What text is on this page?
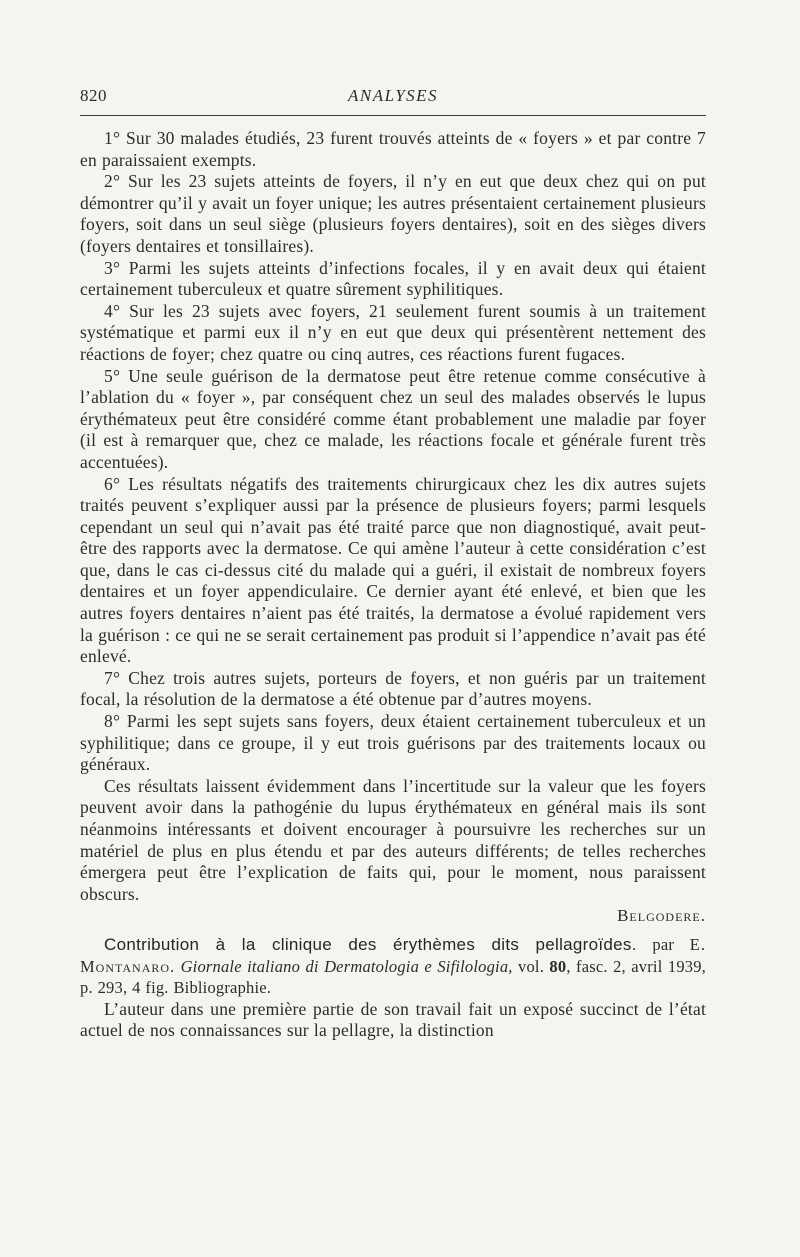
820	ANALYSES

1° Sur 30 malades étudiés, 23 furent trouvés atteints de « foyers » et par contre 7 en paraissaient exempts.

2° Sur les 23 sujets atteints de foyers, il n’y en eut que deux chez qui on put démontrer qu’il y avait un foyer unique; les autres présentaient certainement plusieurs foyers, soit dans un seul siège (plusieurs foyers dentaires), soit en des sièges divers (foyers dentaires et tonsillaires).

3° Parmi les sujets atteints d’infections focales, il y en avait deux qui étaient certainement tuberculeux et quatre sûrement syphilitiques.

4° Sur les 23 sujets avec foyers, 21 seulement furent soumis à un traitement systématique et parmi eux il n’y en eut que deux qui présentèrent nettement des réactions de foyer; chez quatre ou cinq autres, ces réactions furent fugaces.

5° Une seule guérison de la dermatose peut être retenue comme consécutive à l’ablation du « foyer », par conséquent chez un seul des malades observés le lupus érythémateux peut être considéré comme étant probablement une maladie par foyer (il est à remarquer que, chez ce malade, les réactions focale et générale furent très accentuées).

6° Les résultats négatifs des traitements chirurgicaux chez les dix autres sujets traités peuvent s’expliquer aussi par la présence de plusieurs foyers; parmi lesquels cependant un seul qui n’avait pas été traité parce que non diagnostiqué, avait peut-être des rapports avec la dermatose. Ce qui amène l’auteur à cette considération c’est que, dans le cas ci-dessus cité du malade qui a guéri, il existait de nombreux foyers dentaires et un foyer appendiculaire. Ce dernier ayant été enlevé, et bien que les autres foyers dentaires n’aient pas été traités, la dermatose a évolué rapidement vers la guérison : ce qui ne se serait certainement pas produit si l’appendice n’avait pas été enlevé.

7° Chez trois autres sujets, porteurs de foyers, et non guéris par un traitement focal, la résolution de la dermatose a été obtenue par d’autres moyens.

8° Parmi les sept sujets sans foyers, deux étaient certainement tuberculeux et un syphilitique; dans ce groupe, il y eut trois guérisons par des traitements locaux ou généraux.

Ces résultats laissent évidemment dans l’incertitude sur la valeur que les foyers peuvent avoir dans la pathogénie du lupus érythémateux en général mais ils sont néanmoins intéressants et doivent encourager à poursuivre les recherches sur un matériel de plus en plus étendu et par des auteurs différents; de telles recherches émergera peut être l’explication de faits qui, pour le moment, nous paraissent obscurs.

Belgodere.

Contribution à la clinique des érythèmes dits pellagroïdes. par E. Montanaro. Giornale italiano di Dermatologia e Sifilologia, vol. 80, fasc. 2, avril 1939, p. 293, 4 fig. Bibliographie.

L’auteur dans une première partie de son travail fait un exposé succinct de l’état actuel de nos connaissances sur la pellagre, la distinction
